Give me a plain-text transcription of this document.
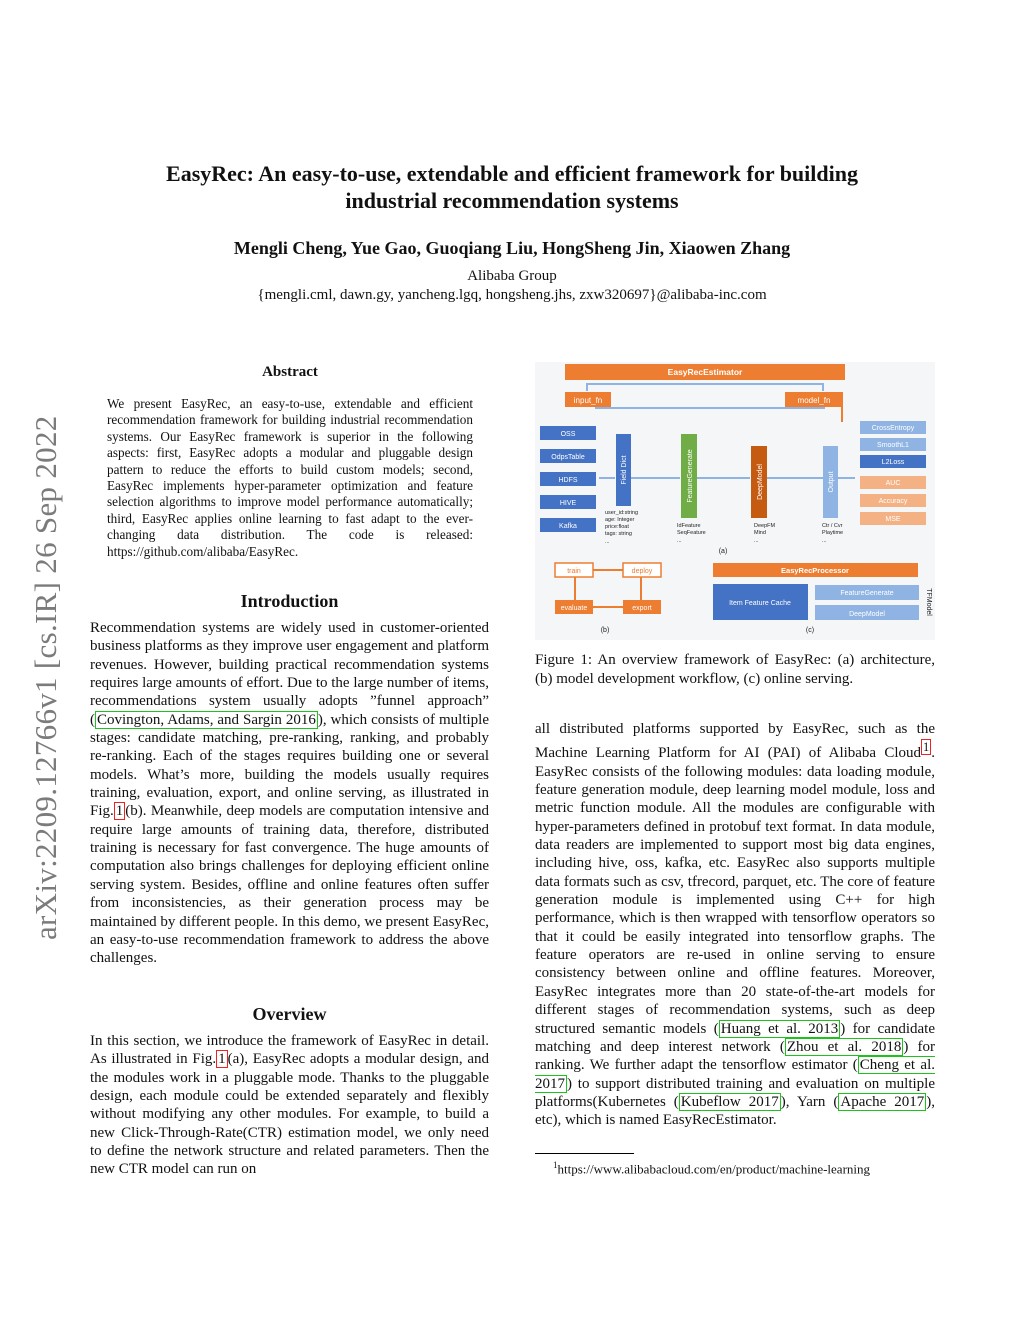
EasyRec: An easy-to-use, extendable and efficient framework for building
industrial recommendation systems
Mengli Cheng, Yue Gao, Guoqiang Liu, HongSheng Jin, Xiaowen Zhang
Alibaba Group
{mengli.cml, dawn.gy, yancheng.lgq, hongsheng.jhs, zxw320697}@alibaba-inc.com
arXiv:2209.12766v1 [cs.IR] 26 Sep 2022
Abstract
We present EasyRec, an easy-to-use, extendable and efficient recommendation framework for building industrial recommendation systems. Our EasyRec framework is superior in the following aspects: first, EasyRec adopts a modular and pluggable design pattern to reduce the efforts to build custom models; second, EasyRec implements hyper-parameter optimization and feature selection algorithms to improve model performance automatically; third, EasyRec applies online learning to fast adapt to the ever-changing data distribution. The code is released: https://github.com/alibaba/EasyRec.
Introduction
Recommendation systems are widely used in customer-oriented business platforms as they improve user engagement and platform revenues. However, building practical recommendation systems requires large amounts of effort. Due to the large number of items, recommendations system usually adopts ”funnel approach” ( Covington, Adams, and Sargin 2016 ), which consists of multiple stages: candidate matching, pre-ranking, ranking, and probably re-ranking. Each of the stages requires building one or several models. What’s more, building the models usually requires training, evaluation, export, and online serving, as illustrated in Fig. 1 (b). Meanwhile, deep models are computation intensive and require large amounts of training data, therefore, distributed training is necessary for fast convergence. The huge amounts of computation also brings challenges for deploying efficient online serving system. Besides, offline and online features often suffer from inconsistencies, as their generation process may be maintained by different people. In this demo, we present EasyRec, an easy-to-use recommendation framework to address the above challenges.
Overview
In this section, we introduce the framework of EasyRec in detail. As illustrated in Fig. 1 (a), EasyRec adopts a modular design, and the modules work in a pluggable mode. Thanks to the pluggable design, each module could be extended separately and flexibly without modifying any other modules. For example, to build a new Click-Through-Rate(CTR) estimation model, we only need to define the network structure and related parameters. Then the new CTR model can run on
EasyRecEstimator
input_fn	model_fn
OSS
OdpsTable
HDFS
HIVE
Kafka
Field Dict	FeatureGenerate	DeepModel	Output
CrossEntropy
SmoothL1
L2Loss
AUC
Accuracy
MSE
user_id:string
age: Integer
price:float
tags: string
...
IdFeature
SeqFeature
...
DeepFM
Mind
...
Ctr / Cvr
Playtime
...
(a)
train	deploy
evaluate	export
(b)
EasyRecProcessor
Item Feature Cache
FeatureGenerate
DeepModel	TFModel
(c)
Figure 1: An overview framework of EasyRec: (a) architecture, (b) model development workflow, (c) online serving.
all distributed platforms supported by EasyRec, such as the Machine Learning Platform for AI (PAI) of Alibaba Cloud $^1$ . EasyRec consists of the following modules: data loading module, feature generation module, deep learning model module, loss and metric function module. All the modules are configurable with hyper-parameters defined in protobuf text format. In data module, data readers are implemented to support most big data engines, including hive, oss, kafka, etc. EasyRec also supports multiple data formats such as csv, tfrecord, parquet, etc. The core of feature generation module is implemented using C++ for high performance, which is then wrapped with tensorflow operators so that it could be easily integrated into tensorflow graphs. The feature operators are re-used in online serving to ensure consistency between online and offline features. Moreover, EasyRec integrates more than 20 state-of-the-art models for different stages of recommendation systems, such as deep structured semantic models ( Huang et al. 2013 ) for candidate matching and deep interest network ( Zhou et al. 2018 ) for ranking. We further adapt the tensorflow estimator ( Cheng et al. 2017 ) to support distributed training and evaluation on multiple platforms(Kubernetes ( Kubeflow 2017 ), Yarn ( Apache 2017 ), etc), which is named EasyRecEstimator.
$^1$https://www.alibabacloud.com/en/product/machine-learning
